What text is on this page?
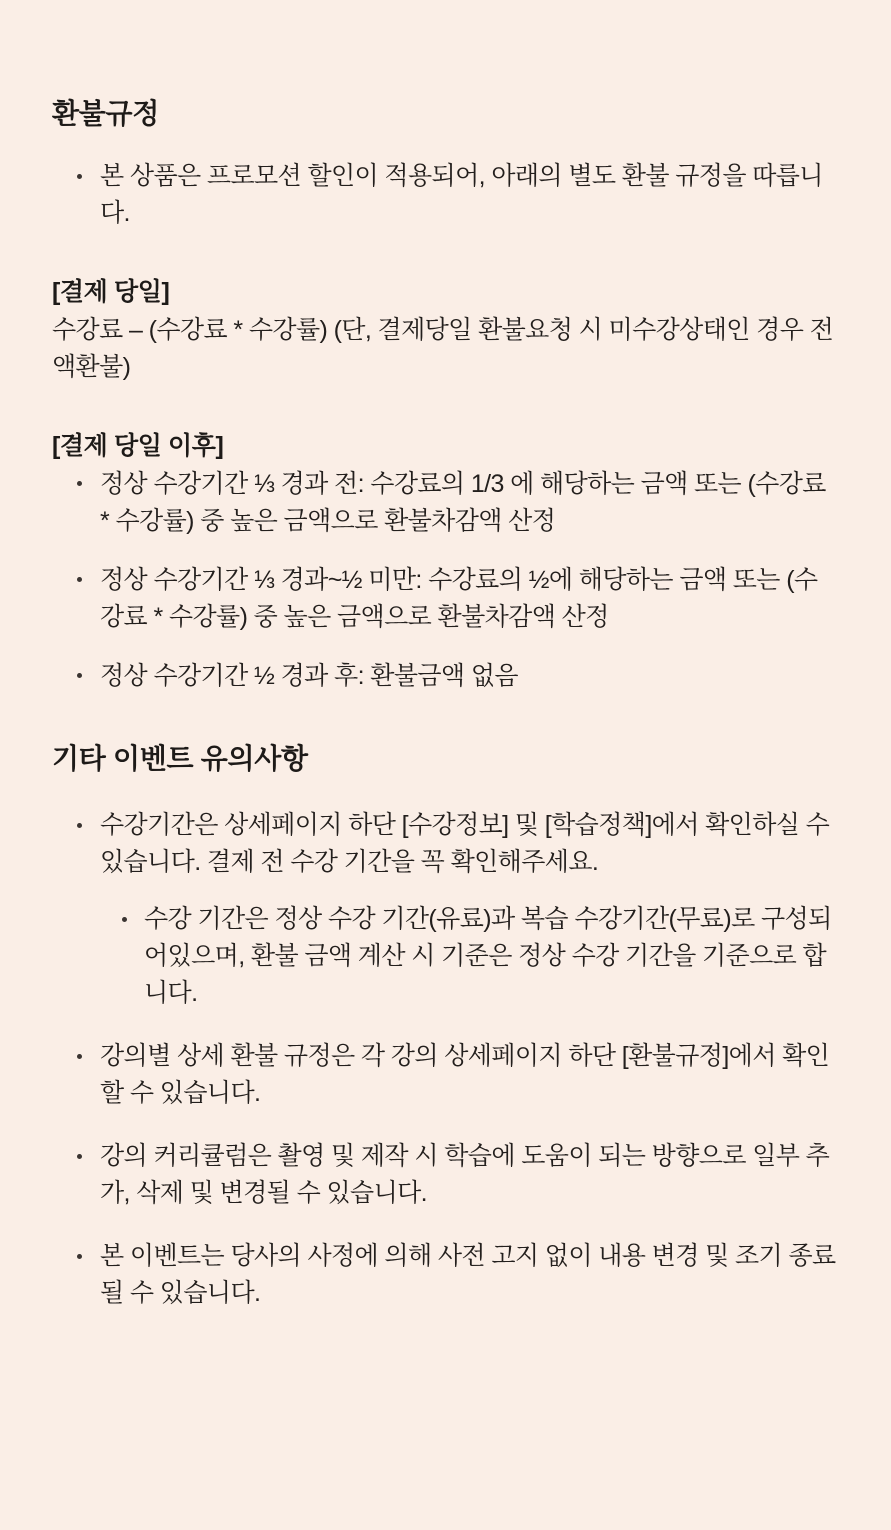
환불규정
본 상품은 프로모션 할인이 적용되어, 아래의 별도 환불 규정을 따릅니다.

[결제 당일]

수강료 – (수강료 * 수강률) (단, 결제당일 환불요청 시 미수강상태인 경우 전액환불)

[결제 당일 이후]

정상 수강기간 ⅓ 경과 전: 수강료의 1/3 에 해당하는 금액 또는 (수강료 * 수강률) 중 높은 금액으로 환불차감액 산정
정상 수강기간 ⅓ 경과~½ 미만: 수강료의 ½에 해당하는 금액 또는 (수강료 * 수강률) 중 높은 금액으로 환불차감액 산정
정상 수강기간 ½ 경과 후: 환불금액 없음
기타 이벤트 유의사항
수강기간은 상세페이지 하단 [수강정보] 및 [학습정책]에서 확인하실 수 있습니다. 결제 전 수강 기간을 꼭 확인해주세요.
수강 기간은 정상 수강 기간(유료)과 복습 수강기간(무료)로 구성되어있으며, 환불 금액 계산 시 기준은 정상 수강 기간을 기준으로 합니다.
강의별 상세 환불 규정은 각 강의 상세페이지 하단 [환불규정]에서 확인할 수 있습니다.
강의 커리큘럼은 촬영 및 제작 시 학습에 도움이 되는 방향으로 일부 추가, 삭제 및 변경될 수 있습니다.
본 이벤트는 당사의 사정에 의해 사전 고지 없이 내용 변경 및 조기 종료될 수 있습니다.
